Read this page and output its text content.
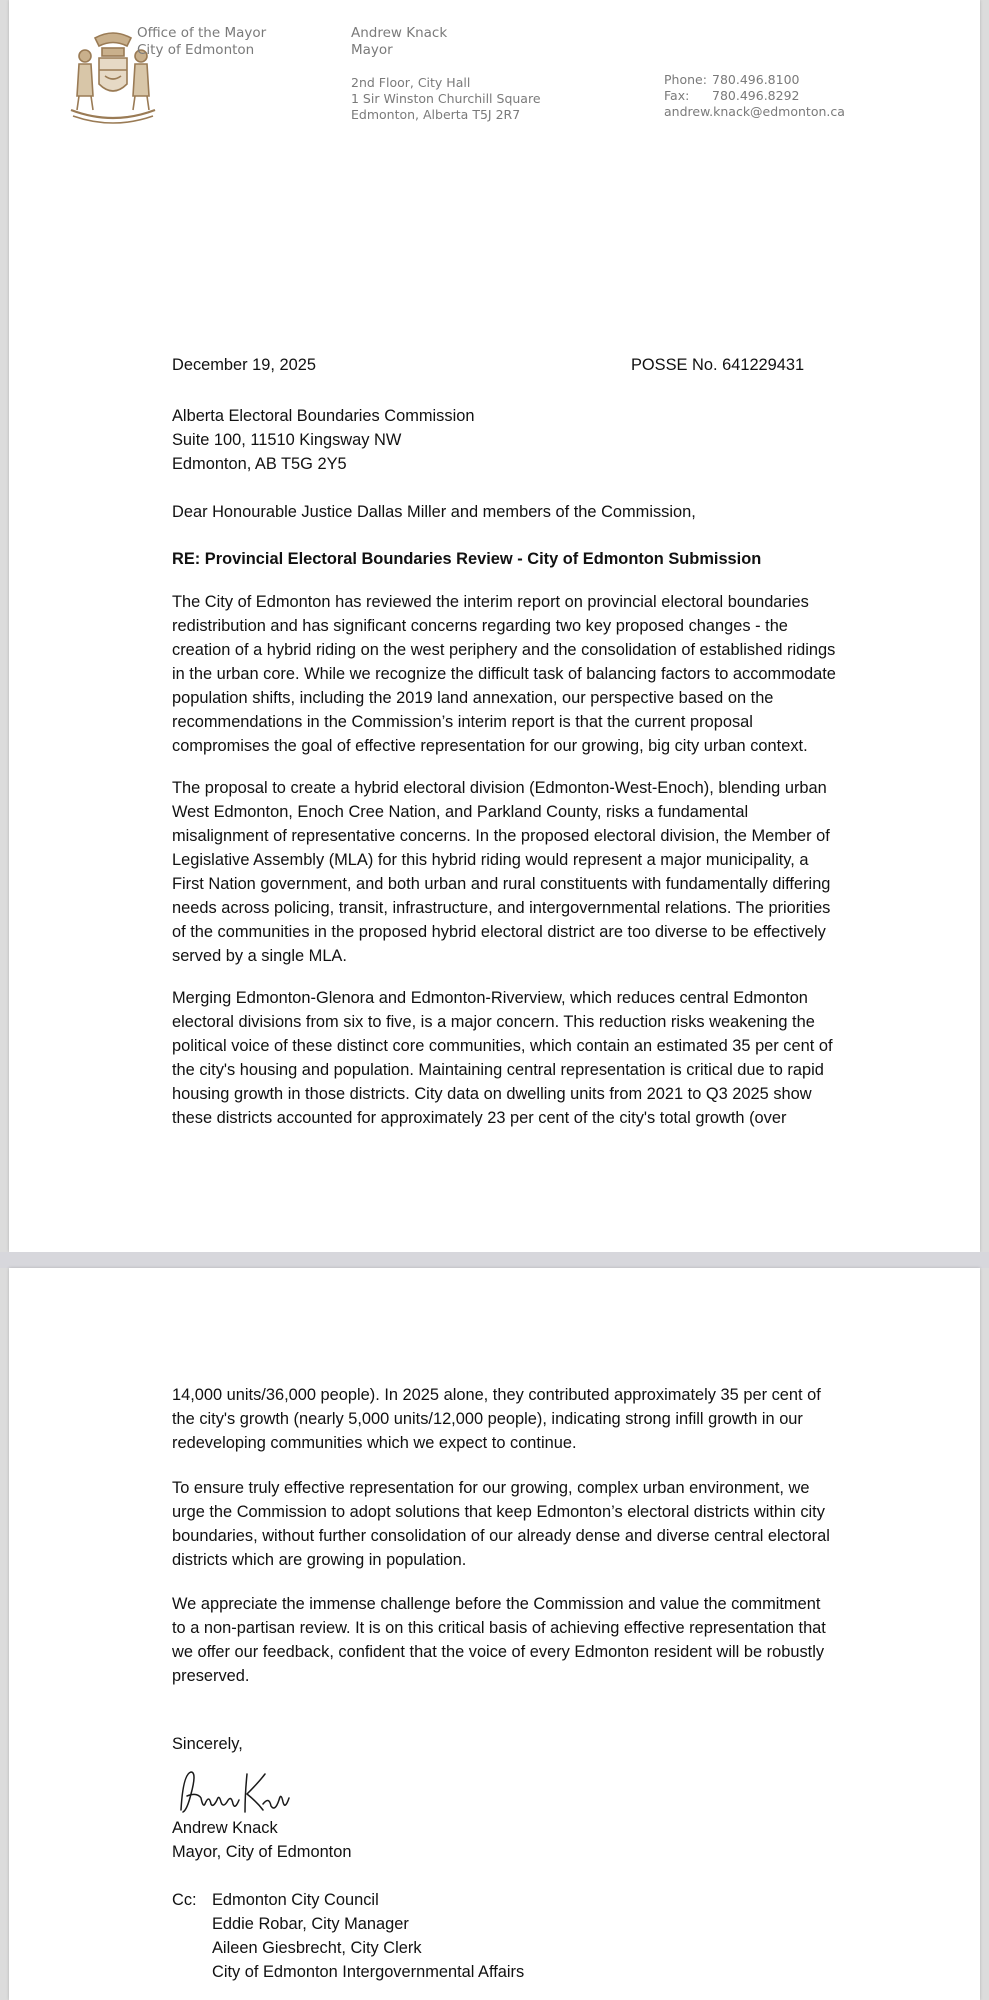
Office of the Mayor
City of Edmonton
Andrew Knack
Mayor
2nd Floor, City Hall
1 Sir Winston Churchill Square
Edmonton, Alberta T5J 2R7
Phone: 780.496.8100
Fax: 780.496.8292
andrew.knack@edmonton.ca
December 19, 2025	POSSE No. 641229431
Alberta Electoral Boundaries Commission
Suite 100, 11510 Kingsway NW
Edmonton, AB T5G 2Y5
Dear Honourable Justice Dallas Miller and members of the Commission,
RE: Provincial Electoral Boundaries Review - City of Edmonton Submission
The City of Edmonton has reviewed the interim report on provincial electoral boundaries
redistribution and has significant concerns regarding two key proposed changes - the
creation of a hybrid riding on the west periphery and the consolidation of established ridings
in the urban core. While we recognize the difficult task of balancing factors to accommodate
population shifts, including the 2019 land annexation, our perspective based on the
recommendations in the Commission’s interim report is that the current proposal
compromises the goal of effective representation for our growing, big city urban context.
The proposal to create a hybrid electoral division (Edmonton-West-Enoch), blending urban
West Edmonton, Enoch Cree Nation, and Parkland County, risks a fundamental
misalignment of representative concerns. In the proposed electoral division, the Member of
Legislative Assembly (MLA) for this hybrid riding would represent a major municipality, a
First Nation government, and both urban and rural constituents with fundamentally differing
needs across policing, transit, infrastructure, and intergovernmental relations. The priorities
of the communities in the proposed hybrid electoral district are too diverse to be effectively
served by a single MLA.
Merging Edmonton-Glenora and Edmonton-Riverview, which reduces central Edmonton
electoral divisions from six to five, is a major concern. This reduction risks weakening the
political voice of these distinct core communities, which contain an estimated 35 per cent of
the city's housing and population. Maintaining central representation is critical due to rapid
housing growth in those districts. City data on dwelling units from 2021 to Q3 2025 show
these districts accounted for approximately 23 per cent of the city's total growth (over
14,000 units/36,000 people). In 2025 alone, they contributed approximately 35 per cent of
the city's growth (nearly 5,000 units/12,000 people), indicating strong infill growth in our
redeveloping communities which we expect to continue.
To ensure truly effective representation for our growing, complex urban environment, we
urge the Commission to adopt solutions that keep Edmonton’s electoral districts within city
boundaries, without further consolidation of our already dense and diverse central electoral
districts which are growing in population.
We appreciate the immense challenge before the Commission and value the commitment
to a non-partisan review. It is on this critical basis of achieving effective representation that
we offer our feedback, confident that the voice of every Edmonton resident will be robustly
preserved.
Sincerely,
Andrew Knack
Mayor, City of Edmonton
Cc: Edmonton City Council
Eddie Robar, City Manager
Aileen Giesbrecht, City Clerk
City of Edmonton Intergovernmental Affairs
